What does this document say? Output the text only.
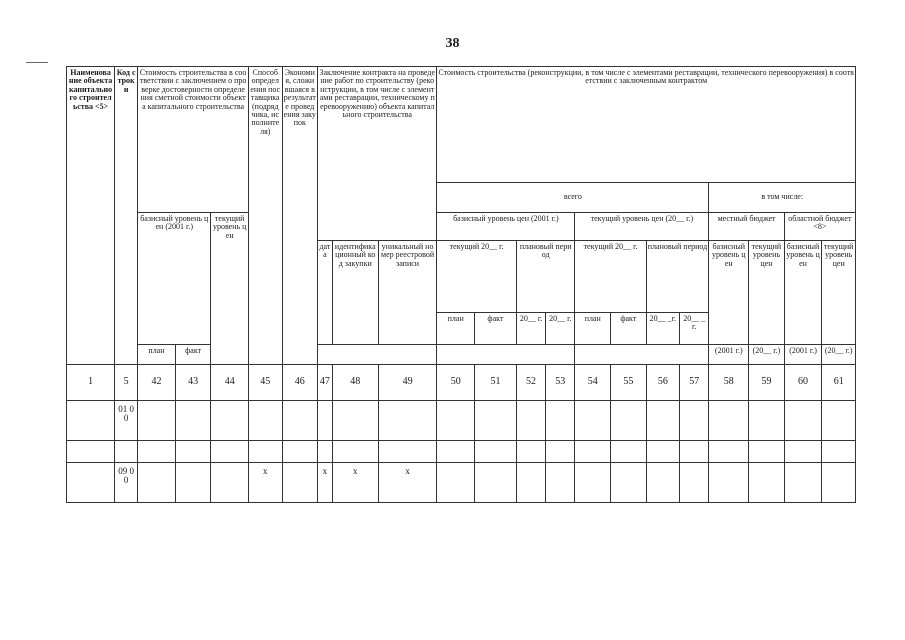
38
Наименование объекта капитального строительства <5>	Код строки	Стоимость строительства в соответствии с заключением о проверке достоверности определения сметной стоимости объекта капитального строительства			Способ определения поставщика (подрядчика, исполнителя)	Экономия, сложившаяся в результате проведения закупок	Заключение контракта на проведение работ по строительству (реконструкции, в том числе с элементами реставрации, техническому перевооружению) объекта капитального строительства			Стоимость строительства (реконструкции, в том числе с элементами реставрации, технического перевооружения) в соответствии с заключенным контрактом											
										всего								в том числе:			
		базисный уровень цен (2001 г.)		текущий уровень цен						базисный уровень цен (2001 г.)				текущий уровень цен (20__ г.)				местный бюджет		областной бюджет <8>	
							дата	идентификационный код закупки	уникальный номер реестровой записи	текущий 20__ г.		плановый период		текущий 20__ г.		плановый период		базисный уровень цен	текущий уровень цен	базисный уровень цен	текущий уровень цен
										план	факт	20__ г.	20__ г.	план	факт	20__ _г.	20__ _г.				
		план	факт															(2001 г.)	(20__ г.)	(2001 г.)	(20__ г.)
1	5	42	43	44	45	46	47	48	49	50	51	52	53	54	55	56	57	58	59	60	61
	01 00																				

	09 00				x		x	x	x												
